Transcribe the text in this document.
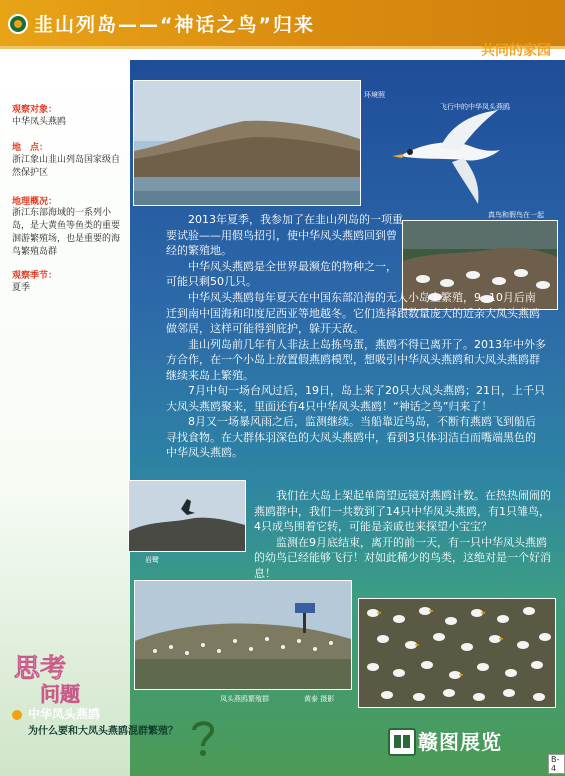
韭山列岛——“神话之鸟”归来
共同的家园
观察对象：
中华凤头燕鸥
地　点：
浙江象山韭山列岛国家级自然保护区
地理概况：
浙江东部海域的一系列小岛，是大黄鱼等鱼类的重要洄游繁殖场，也是重要的海鸟繁殖岛群
观察季节：
夏季
环境照
飞行中的中华凤头燕鸥
真鸟和假鸟在一起

2013年夏季，我参加了在韭山列岛的一项重要试验——用假鸟招引，使中华凤头燕鸥回到曾经的繁殖地。

中华凤头燕鸥是全世界最濒危的物种之一，可能只剩50几只。

中华凤头燕鸥每年夏天在中国东部沿海的无人小岛上繁殖，9--10月后南迁到南中国海和印度尼西亚等地越冬。它们选择跟数量庞大的近亲大凤头燕鸥做邻居，这样可能得到庇护，躲开天敌。

韭山列岛前几年有人非法上岛拣鸟蛋，燕鸥不得已离开了。2013年中外多方合作，在一个小岛上放置假燕鸥模型，想吸引中华凤头燕鸥和大凤头燕鸥群继续来岛上繁殖。

7月中旬一场台风过后，19日，岛上来了20只大凤头燕鸥；21日，上千只大凤头燕鸥聚来，里面还有4只中华凤头燕鸥！“神话之鸟”归来了！

8月又一场暴风雨之后，监测继续。当船靠近鸟岛，不断有燕鸥飞到船后寻找食物。在大群体羽深色的大凤头燕鸥中，看到3只体羽洁白而嘴端黑色的中华凤头燕鸥。

我们在大岛上架起单筒望远镜对燕鸥计数。在热热闹闹的燕鸥群中，我们一共数到了14只中华凤头燕鸥，有1只雏鸟，4只成鸟围着它转，可能是亲戚也来探望小宝宝？

监测在9月底结束，离开的前一天，有一只中华凤头燕鸥的幼鸟已经能够飞行！对如此稀少的鸟类，这绝对是一个好消息！

岩鹭
凤头燕鸥繁殖群	黄泰 摄影
思考
问题
中华凤头燕鸥
为什么要和大凤头燕鸥混群繁殖？	赣图展览
B-4
